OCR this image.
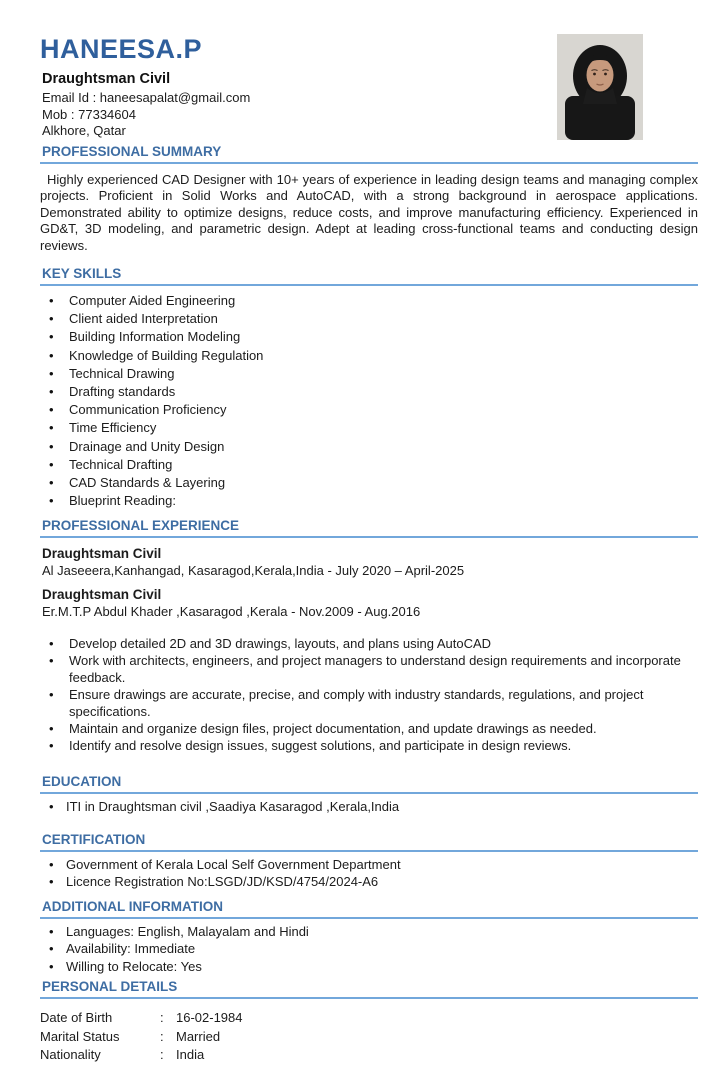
HANEESA.P
Draughtsman Civil
Email Id : haneesapalat@gmail.com
Mob : 77334604
Alkhore, Qatar
PROFESSIONAL SUMMARY

Highly experienced CAD Designer with 10+ years of experience in leading design teams and managing complex projects. Proficient in Solid Works and AutoCAD, with a strong background in aerospace applications. Demonstrated ability to optimize designs, reduce costs, and improve manufacturing efficiency. Experienced in GD&T, 3D modeling, and parametric design. Adept at leading cross-functional teams and conducting design reviews.

KEY SKILLS
• Computer Aided Engineering
• Client aided Interpretation
• Building Information Modeling
• Knowledge of Building Regulation
• Technical Drawing
• Drafting standards
• Communication Proficiency
• Time Efficiency
• Drainage and Unity Design
• Technical Drafting
• CAD Standards & Layering
• Blueprint Reading:
PROFESSIONAL EXPERIENCE
Draughtsman Civil
Al Jaseeera,Kanhangad, Kasaragod,Kerala,India - July 2020 – April-2025
Draughtsman Civil
Er.M.T.P Abdul Khader ,Kasaragod ,Kerala - Nov.2009 - Aug.2016
• Develop detailed 2D and 3D drawings, layouts, and plans using AutoCAD
• Work with architects, engineers, and project managers to understand design requirements and incorporate feedback.
• Ensure drawings are accurate, precise, and comply with industry standards, regulations, and project specifications.
• Maintain and organize design files, project documentation, and update drawings as needed.
• Identify and resolve design issues, suggest solutions, and participate in design reviews.
EDUCATION
• ITI in Draughtsman civil ,Saadiya Kasaragod ,Kerala,India
CERTIFICATION
• Government of Kerala Local Self Government Department
• Licence Registration No:LSGD/JD/KSD/4754/2024-A6
ADDITIONAL INFORMATION
• Languages: English, Malayalam and Hindi
• Availability: Immediate
• Willing to Relocate: Yes
PERSONAL DETAILS
Date of Birth	: 16-02-1984
Marital Status	: Married
Nationality	: India
